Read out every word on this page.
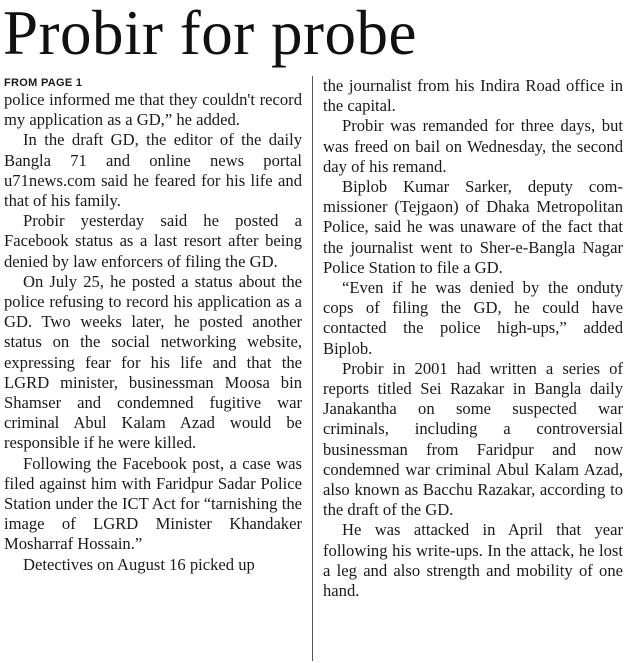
Probir for probe
FROM PAGE 1

police informed me that they couldn't record my application as a GD,” he added.

In the draft GD, the editor of the daily Bangla 71 and online news portal u71news.com said he feared for his life and that of his family.

Probir yesterday said he posted a Facebook status as a last resort after being denied by law enforcers of filing the GD.

On July 25, he posted a status about the police refusing to record his application as a GD. Two weeks later, he posted another status on the social networking website, expressing fear for his life and that the LGRD minister, businessman Moosa bin Shamser and condemned fugitive war criminal Abul Kalam Azad would be responsible if he were killed.

Following the Facebook post, a case was filed against him with Faridpur Sadar Police Station under the ICT Act for “tarnishing the image of LGRD Minister Khandaker Mosharraf Hossain.”

Detectives on August 16 picked up

the journalist from his Indira Road office in the capital.

Probir was remanded for three days, but was freed on bail on Wednesday, the second day of his remand.

Biplob Kumar Sarker, deputy commissioner (Tejgaon) of Dhaka Metropolitan Police, said he was unaware of the fact that the journalist went to Sher-e-Bangla Nagar Police Station to file a GD.

“Even if he was denied by the onduty cops of filing the GD, he could have contacted the police high-ups,” added Biplob.

Probir in 2001 had written a series of reports titled Sei Razakar in Bangla daily Janakantha on some suspected war criminals, including a controversial businessman from Faridpur and now condemned war criminal Abul Kalam Azad, also known as Bacchu Razakar, according to the draft of the GD.

He was attacked in April that year following his write-ups. In the attack, he lost a leg and also strength and mobility of one hand.
